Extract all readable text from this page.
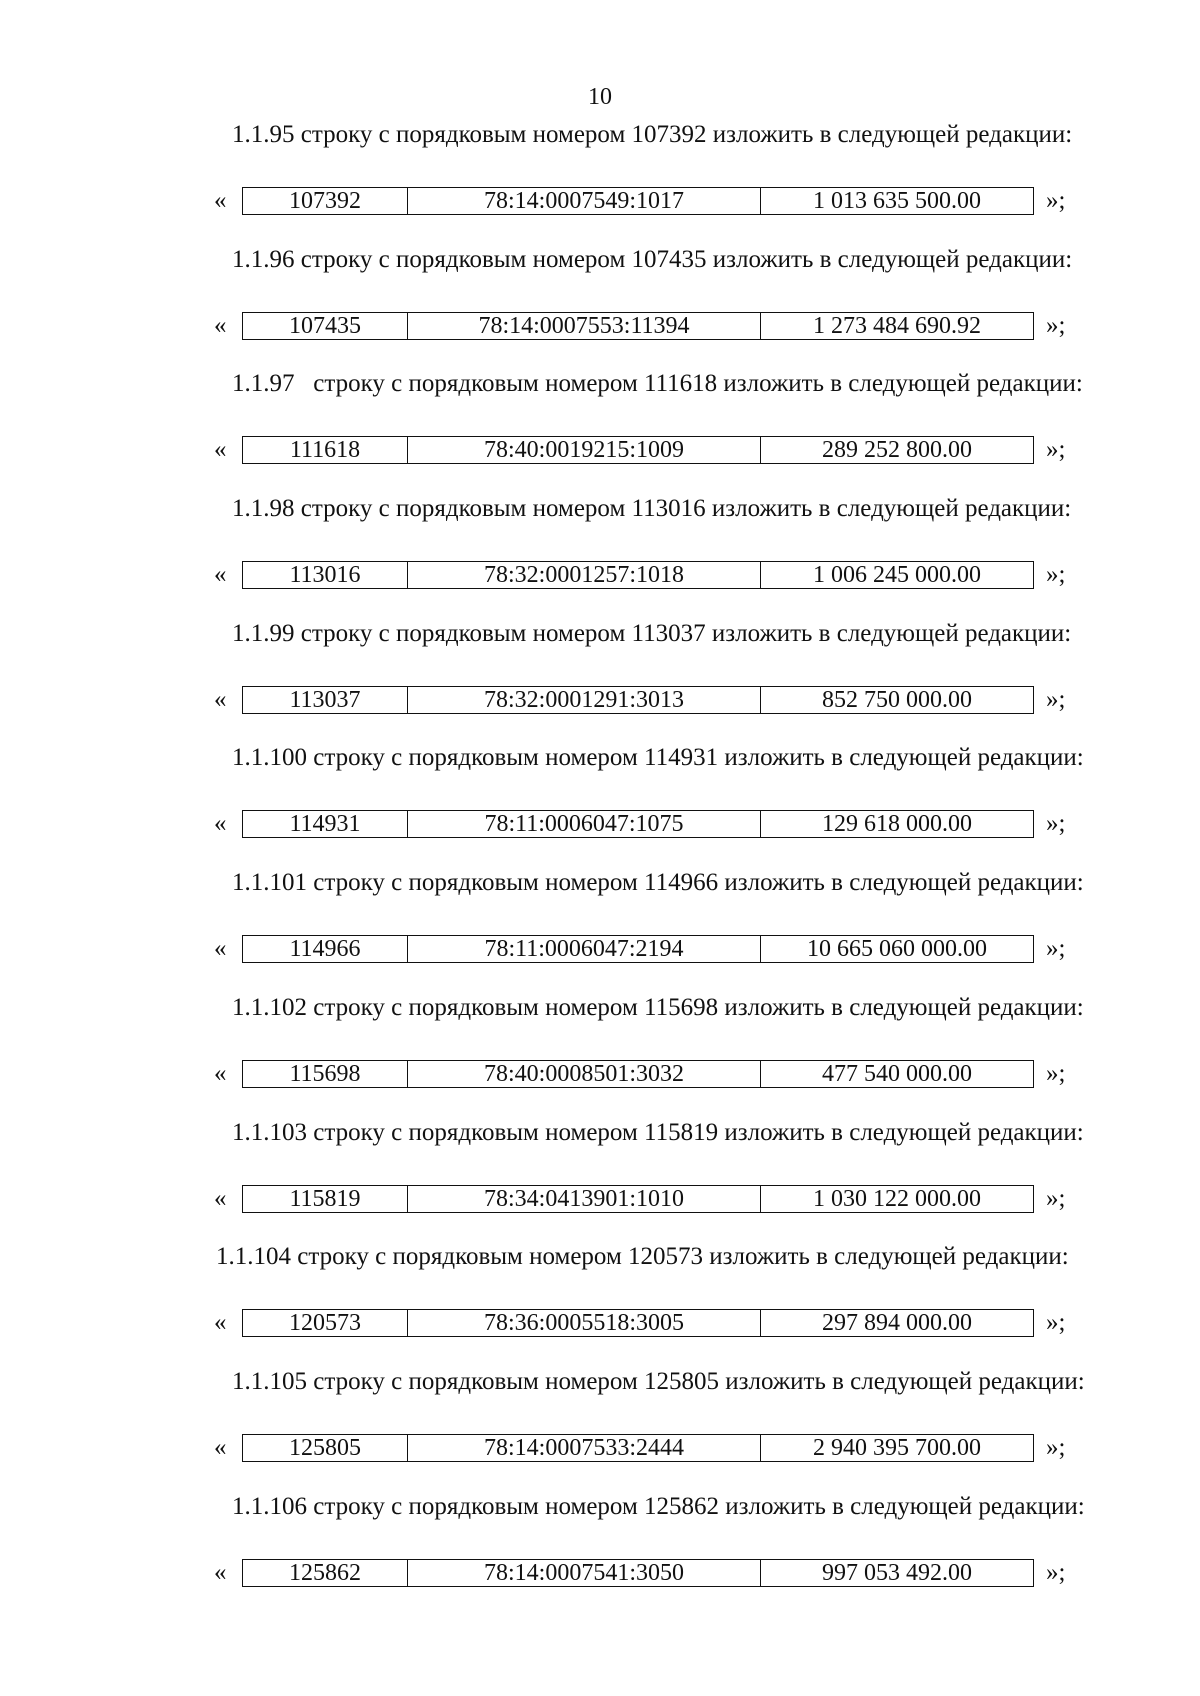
10
1.1.95 строку с порядковым номером 107392 изложить в следующей редакции:
«	107392	78:14:0007549:1017	1 013 635 500.00	»;
1.1.96 строку с порядковым номером 107435 изложить в следующей редакции:
«	107435	78:14:0007553:11394	1 273 484 690.92	»;
1.1.97   строку с порядковым номером 111618 изложить в следующей редакции:
«	111618	78:40:0019215:1009	289 252 800.00	»;
1.1.98 строку с порядковым номером 113016 изложить в следующей редакции:
«	113016	78:32:0001257:1018	1 006 245 000.00	»;
1.1.99 строку с порядковым номером 113037 изложить в следующей редакции:
«	113037	78:32:0001291:3013	852 750 000.00	»;
1.1.100 строку с порядковым номером 114931 изложить в следующей редакции:
«	114931	78:11:0006047:1075	129 618 000.00	»;
1.1.101 строку с порядковым номером 114966 изложить в следующей редакции:
«	114966	78:11:0006047:2194	10 665 060 000.00 »;
1.1.102 строку с порядковым номером 115698 изложить в следующей редакции:
«	115698	78:40:0008501:3032	477 540 000.00	»;
1.1.103 строку с порядковым номером 115819 изложить в следующей редакции:
«	115819	78:34:0413901:1010	1 030 122 000.00	»;
1.1.104 строку с порядковым номером 120573 изложить в следующей редакции:
«	120573	78:36:0005518:3005	297 894 000.00	»;
1.1.105 строку с порядковым номером 125805 изложить в следующей редакции:
«	125805	78:14:0007533:2444	2 940 395 700.00	»;
1.1.106 строку с порядковым номером 125862 изложить в следующей редакции:
«	125862	78:14:0007541:3050	997 053 492.00	»;
